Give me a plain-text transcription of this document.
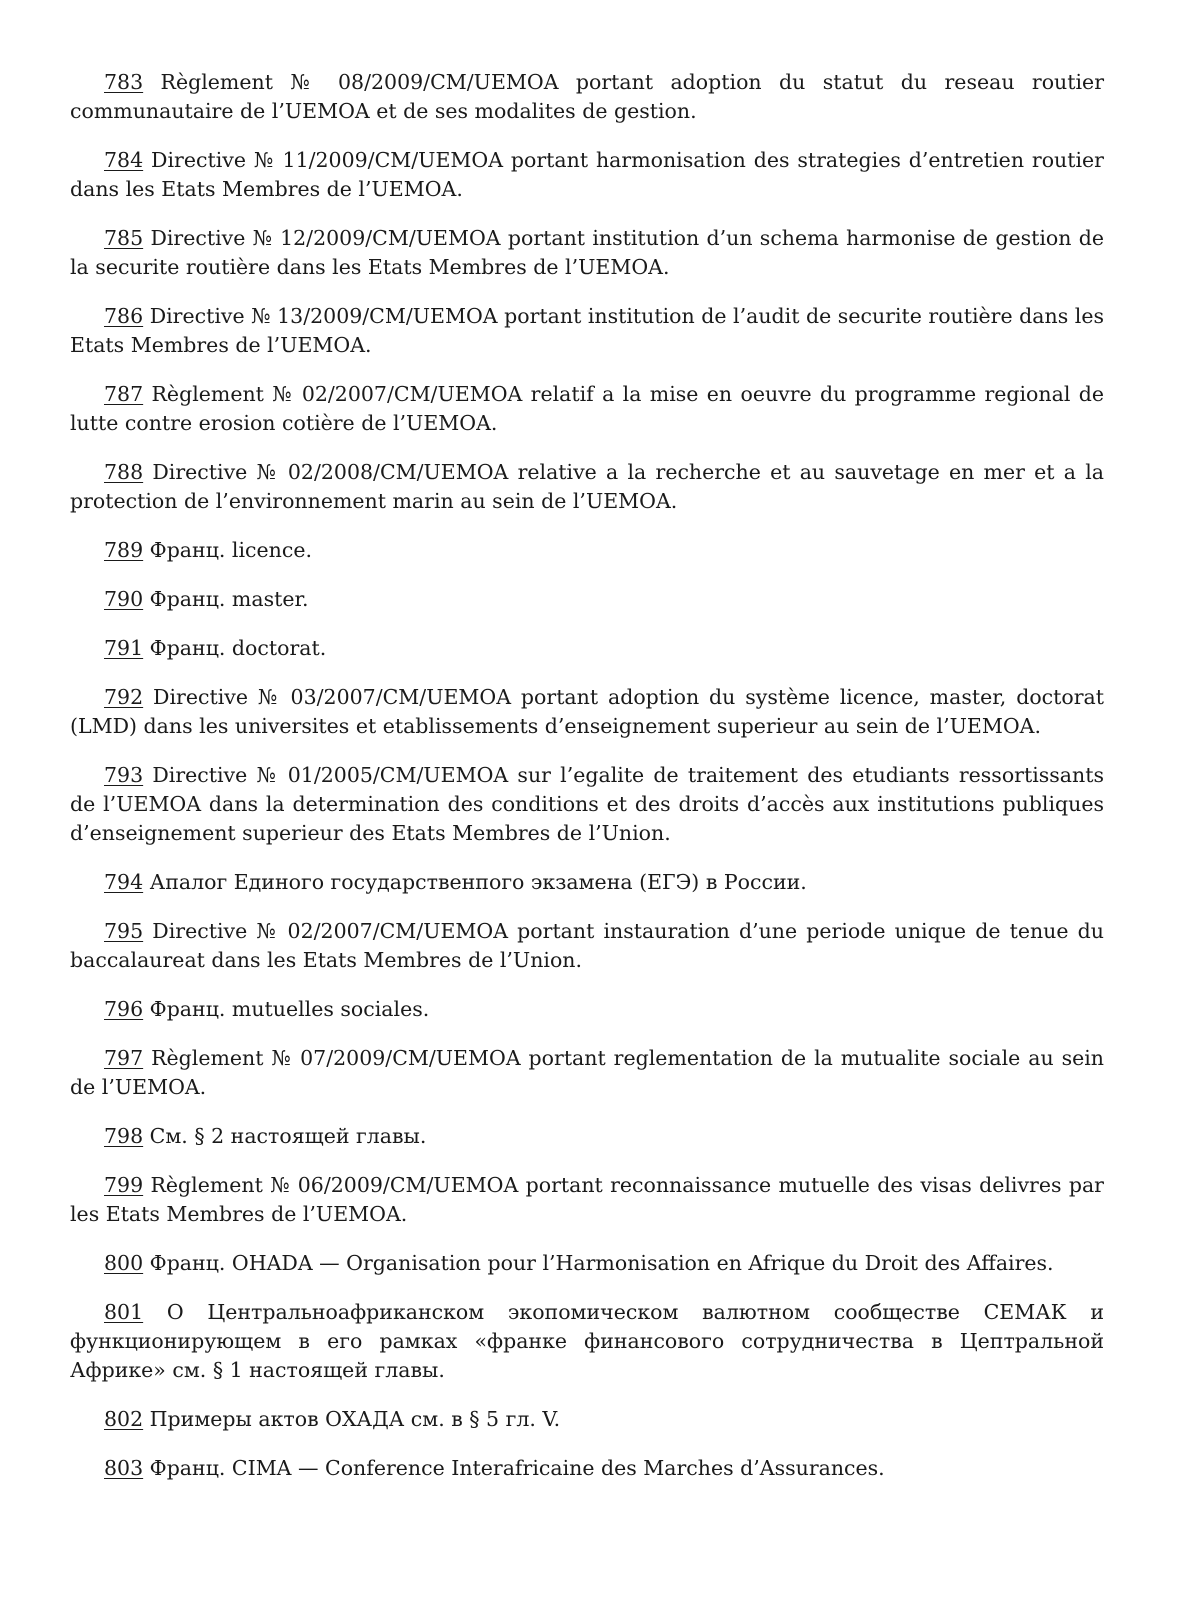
783 Règlement № 08/2009/CM/UEMOA portant adoption du statut du reseau routier communautaire de l’UEMOA et de ses modalites de gestion.

784 Directive № 11/2009/CM/UEMOA portant harmonisation des strategies d’entretien routier dans les Etats Membres de l’UEMOA.

785 Directive № 12/2009/CM/UEMOA portant institution d’un schema harmonise de gestion de la securite routière dans les Etats Membres de l’UEMOA.

786 Directive № 13/2009/CM/UEMOA portant institution de l’audit de securite routière dans les Etats Membres de l’UEMOA.

787 Règlement № 02/2007/CM/UEMOA relatif a la mise en oeuvre du programme regional de lutte contre erosion cotière de l’UEMOA.

788 Directive № 02/2008/CM/UEMOA relative a la recherche et au sauvetage en mer et a la protection de l’environnement marin au sein de l’UEMOA.

789 Франц. licence.

790 Франц. master.

791 Франц. doctorat.

792 Directive № 03/2007/CM/UEMOA portant adoption du système licence, master, doctorat (LMD) dans les universites et etablissements d’enseignement superieur au sein de l’UEMOA.

793 Directive № 01/2005/CM/UEMOA sur l’egalite de traitement des etudiants ressortissants de l’UEMOA dans la determination des conditions et des droits d’accès aux institutions publiques d’enseignement superieur des Etats Membres de l’Union.

794 Апалог Единого государственпого экзамена (ЕГЭ) в России.

795 Directive № 02/2007/CM/UEMOA portant instauration d’une periode unique de tenue du baccalaureat dans les Etats Membres de l’Union.

796 Франц. mutuelles sociales.

797 Règlement № 07/2009/CM/UEMOA portant reglementation de la mutualite sociale au sein de l’UEMOA.

798 См. § 2 настоящей главы.

799 Règlement № 06/2009/CM/UEMOA portant reconnaissance mutuelle des visas delivres par les Etats Membres de l’UEMOA.

800 Франц. OHADA — Organisation pour l’Harmonisation en Afrique du Droit des Affaires.

801 О Центральноафриканском экопомическом валютном сообществе СЕМАК и функционирующем в его рамках «франке финансового сотрудничества в Цептральной Африке» см. § 1 настоящей главы.

802 Примеры актов ОХАДА см. в § 5 гл. V.

803 Франц. CIMA — Conference Interafricaine des Marches d’Assurances.
